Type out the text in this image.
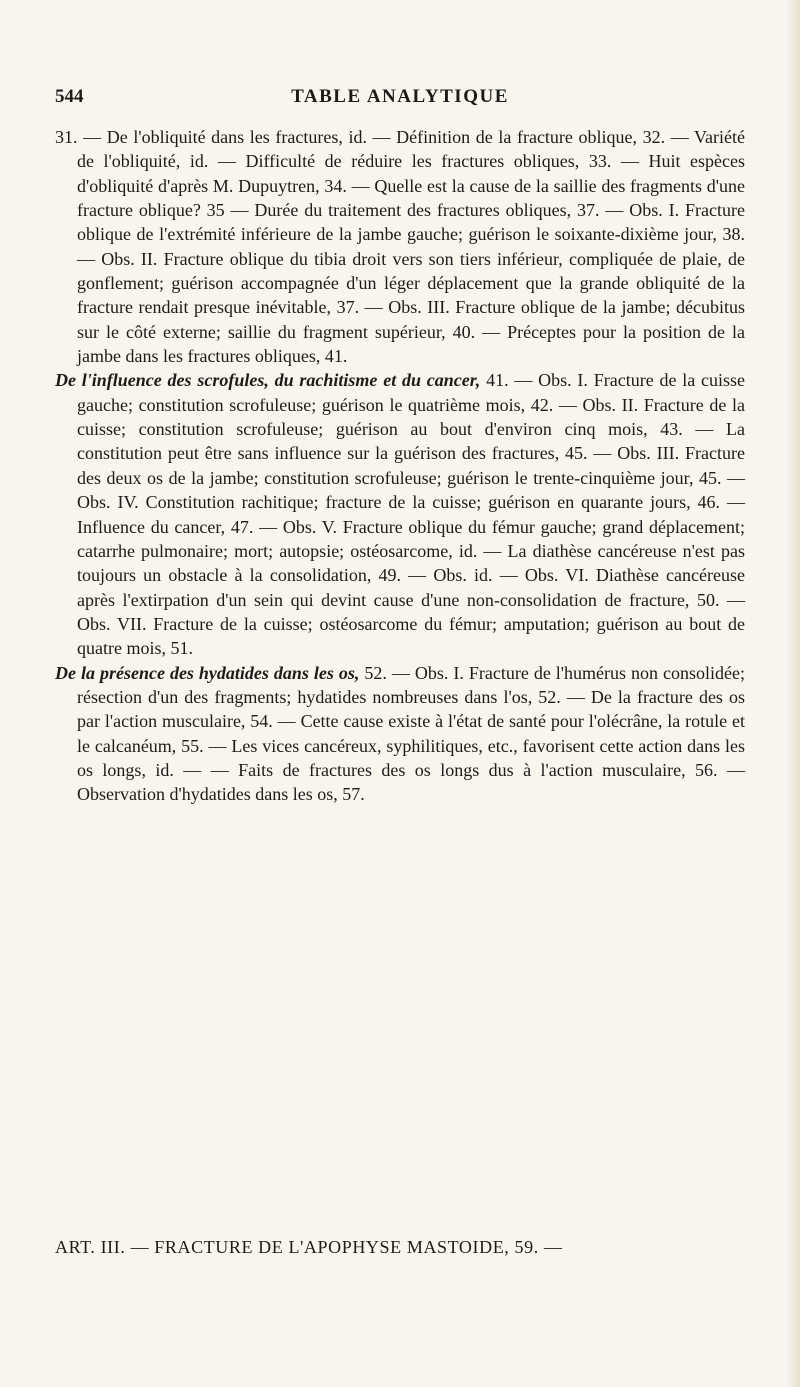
544	TABLE ANALYTIQUE

31. — De l'obliquité dans les fractures, id. — Définition de la fracture oblique, 32. — Variété de l'obliquité, id. — Difficulté de réduire les fractures obliques, 33. — Huit espèces d'obliquité d'après M. Dupuytren, 34. — Quelle est la cause de la saillie des fragments d'une fracture oblique? 35 — Durée du traitement des fractures obliques, 37. — Obs. I. Fracture oblique de l'extrémité inférieure de la jambe gauche; guérison le soixante-dixième jour, 38. — Obs. II. Fracture oblique du tibia droit vers son tiers inférieur, compliquée de plaie, de gonflement; guérison accompagnée d'un léger déplacement que la grande obliquité de la fracture rendait presque inévitable, 37. — Obs. III. Fracture oblique de la jambe; décubitus sur le côté externe; saillie du fragment supérieur, 40. — Préceptes pour la position de la jambe dans les fractures obliques, 41.

De l'influence des scrofules, du rachitisme et du cancer, 41. — Obs. I. Fracture de la cuisse gauche; constitution scrofuleuse; guérison le quatrième mois, 42. — Obs. II. Fracture de la cuisse; constitution scrofuleuse; guérison au bout d'environ cinq mois, 43. — La constitution peut être sans influence sur la guérison des fractures, 45. — Obs. III. Fracture des deux os de la jambe; constitution scrofuleuse; guérison le trente-cinquième jour, 45. — Obs. IV. Constitution rachitique; fracture de la cuisse; guérison en quarante jours, 46. — Influence du cancer, 47. — Obs. V. Fracture oblique du fémur gauche; grand déplacement; catarrhe pulmonaire; mort; autopsie; ostéosarcome, id. — La diathèse cancéreuse n'est pas toujours un obstacle à la consolidation, 49. — Obs. id. — Obs. VI. Diathèse cancéreuse après l'extirpation d'un sein qui devint cause d'une non-consolidation de fracture, 50. — Obs. VII. Fracture de la cuisse; ostéosarcome du fémur; amputation; guérison au bout de quatre mois, 51.

De la présence des hydatides dans les os, 52. — Obs. I. Fracture de l'humérus non consolidée; résection d'un des fragments; hydatides nombreuses dans l'os, 52. — De la fracture des os par l'action musculaire, 54. — Cette cause existe à l'état de santé pour l'olécrâne, la rotule et le calcanéum, 55. — Les vices cancéreux, syphilitiques, etc., favorisent cette action dans les os longs, id. — — Faits de fractures des os longs dus à l'action musculaire, 56. — Observation d'hydatides dans les os, 57.

ART. III. — FRACTURE DE L'APOPHYSE MASTOIDE, 59. —
